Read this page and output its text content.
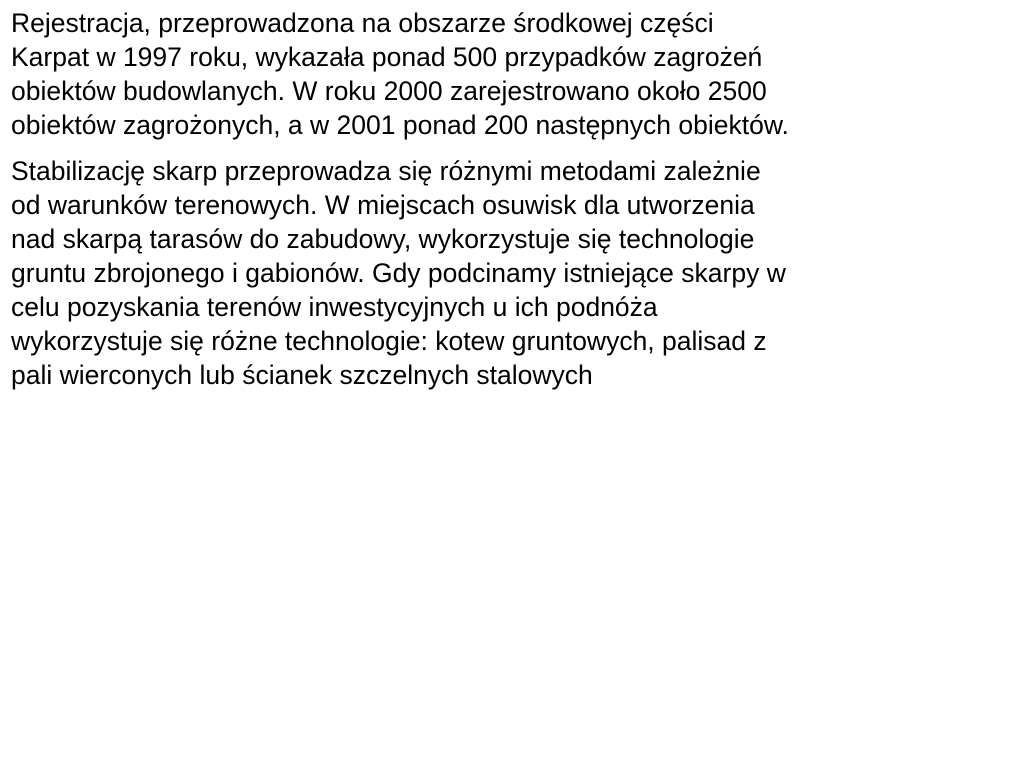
Rejestracja, przeprowadzona na obszarze środkowej części
Karpat w 1997 roku, wykazała ponad 500 przypadków zagrożeń
obiektów budowlanych. W roku 2000 zarejestrowano około 2500
obiektów zagrożonych, a w 2001 ponad 200 następnych obiektów.

Stabilizację skarp przeprowadza się różnymi metodami zależnie
od warunków terenowych. W miejscach osuwisk dla utworzenia
nad skarpą tarasów do zabudowy, wykorzystuje się technologie
gruntu zbrojonego i gabionów. Gdy podcinamy istniejące skarpy w
celu pozyskania terenów inwestycyjnych u ich podnóża
wykorzystuje się różne technologie: kotew gruntowych, palisad z
pali wierconych lub ścianek szczelnych stalowych
